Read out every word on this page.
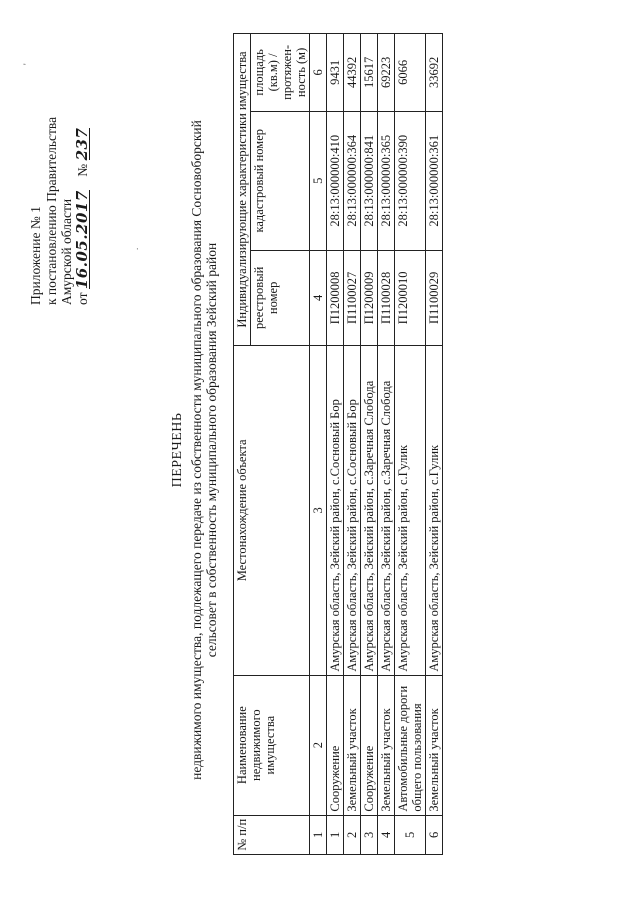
Приложение № 1 к постановлению Правительства Амурской области от 16.05.2017    № 237
ПЕРЕЧЕНЬ недвижимого имущества, подлежащего передаче из собственности муниципального образования Сосновоборский сельсовет в собственность муниципального образования Зейский район
№ п/п	Наименование недвижимого имущества	Местонахождение объекта	Индивидуализирующие характеристики имущества		
			реестровый номер	кадастровый номер	площадь (кв.м) / протяжен-ность (м)
1	2	3	4	5	6
1	Сооружение	Амурская область, Зейский район, с.Сосновый Бор	П1200008	28:13:000000:410	9431
2	Земельный участок	Амурская область, Зейский район, с.Сосновый Бор	П1100027	28:13:000000:364	44392
3	Сооружение	Амурская область, Зейский район, с.Заречная Слобода	П1200009	28:13:000000:841	15617
4	Земельный участок	Амурская область, Зейский район, с.Заречная Слобода	П1100028	28:13:000000:365	69223
5	Автомобильные дороги общего пользования	Амурская область, Зейский район, с.Гулик	П1200010	28:13:000000:390	6066
6	Земельный участок	Амурская область, Зейский район, с.Гулик	П1100029	28:13:000000:361	33692
'
.
